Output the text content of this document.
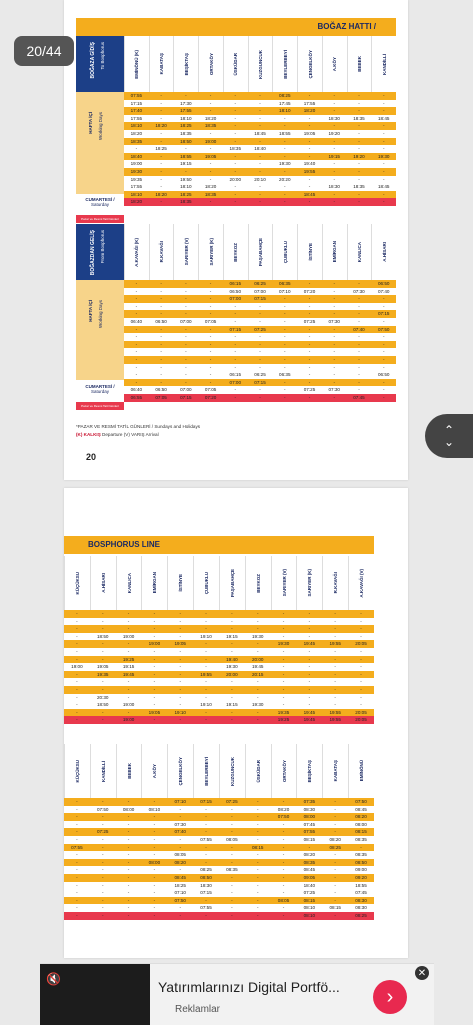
BOĞAZ HATTI /
BOĞAZA GİDİŞ To Bosphorus	EMİNÖNÜ (K)	KABATAŞ	BEŞİKTAŞ	ORTAKÖY	ÜSKÜDAR	KUZGUNCUK	BEYLERBEYİ	ÇENGELKÖY	A.KÖY	BEBEK	KANDİLLİ
HAFTA İÇİ Working Days
CUMARTESİ /
Saturday
Pazar ve Resmi Tatil Günleri
07:55	-	-	-	-	-	08:25	-	-	-	-
17:15	-	17:30	-	-	-	17:45	17:55	-	-	-
17:40	-	17:55	-	-	-	18:10	18:20	-	-	-
17:55	-	18:10	18:20	-	-	-	-	18:30	18:35	18:45
18:10	18:20	18:25	18:35	-	-	-	-	-	-	-
18:20	-	18:35	-	-	18:45	18:55	19:05	19:20	-	-
18:35	-	18:50	19:00	-	-	-	-	-	-	-
-	18:25	-	-	18:35	18:40	-	-	-	-	-
18:40	-	18:55	19:05	-	-	-	-	19:15	19:20	19:30
19:00	-	19:15	-	-	-	19:30	19:40	-	-	-
19:30	-	-	-	-	-	-	19:55	-	-	-
19:35	-	19:50	-	20:00	20:10	20:20	-	-	-	-
17:55	-	18:10	18:20	-	-	-	-	18:30	18:35	18:45
18:10	18:20	18:25	18:35	-	-	-	18:45	-	-	-
18:20	-	18:35	-	-	-	-	-	-	-	-
BOĞAZDAN GELİŞ From Bosphorus	A.KAVAĞI (K)	R.KAVAĞI	SARIYER (V)	SARIYER (K)	BEYKOZ	PAŞABAHÇE	ÇUBUKLU	İSTİNYE	EMİRGAN	KANLICA	A.HİSARI
HAFTA İÇİ Working Days
CUMARTESİ /
Saturday
Pazar ve Resmi Tatil Günleri
-	-	-	-	06:15	06:25	06:35	-	-	-	06:50
-	-	-	-	06:50	07:00	07:10	07:20	-	07:30	07:40
-	-	-	-	07:00	07:15	-	-	-	-	-
-	-	-	-	-	-	-	-	-	-	-
-	-	-	-	-	-	-	-	-	-	07:15
06:40	06:50	07:00	07:05	-	-	-	07:25	07:30	-	-
-	-	-	-	07:15	07:25	-	-	-	07:40	07:50
-	-	-	-	-	-	-	-	-	-	-
-	-	-	-	-	-	-	-	-	-	-
-	-	-	-	-	-	-	-	-	-	-
-	-	-	-	-	-	-	-	-	-	-
-	-	-	-	-	-	-	-	-	-	-
-	-	-	-	06:15	06:25	06:35	-	-	-	06:50
-	-	-	-	07:00	07:15	-	-	-	-	-
06:40	06:50	07:00	07:05	-	-	-	07:25	07:30	-	-
06:55	07:05	07:15	07:20	-	-	-	-	-	07:45	-
*PAZAR VE RESMİ TATİL GÜNLERİ / Sundays and Holidays
(K) KALKIŞ Departure (V) VARIŞ Arrival
20
BOSPHORUS LINE
KÜÇÜKSU	A.HİSARI	KANLICA	EMİRGAN	İSTİNYE	ÇUBUKLU	PAŞABAHÇE	BEYKOZ	SARIYER (V)	SARIYER (K)	R.KAVAĞI	A.KAVAĞI (V)
-	-	-	-	-	-	-	-	-	-	-	-
-	-	-	-	-	-	-	-	-	-	-	-
-	-	-	-	-	-	-	-	-	-	-	-
-	18:50	19:00	-	-	19:10	19:15	19:30	-	-	-	-
-	-	-	19:00	19:05	-	-	-	19:30	19:45	19:55	20:05
-	-	-	-	-	-	-	-	-	-	-	-
-	-	19:25	-	-	-	19:40	20:00	-	-	-	-
19:00	19:05	19:15	-	-	-	19:30	19:45	-	-	-	-
-	19:35	19:45	-	-	19:55	20:00	20:15	-	-	-	-
-	-	-	-	-	-	-	-	-	-	-	-
-	-	-	-	-	-	-	-	-	-	-	-
-	20:30	-	-	-	-	-	-	-	-	-	-
-	18:50	19:00	-	-	19:10	19:15	19:30	-	-	-	-
-	-	-	19:05	19:10	-	-	-	19:35	19:45	19:55	20:05
-	-	19:00	-	-	-	-	-	19:25	19:45	19:55	20:05
KÜÇÜKSU	KANDİLLİ	BEBEK	A.KÖY	ÇENGELKÖY	BEYLERBEYİ	KUZGUNCUK	ÜSKÜDAR	ORTAKÖY	BEŞİKTAŞ	KABATAŞ	EMİNÖNÜ
-	-	-	-	07:10	07:15	07:25	-	-	07:35	-	07:50
-	07:50	08:00	08:10	-	-	-	-	08:20	08:30	-	08:45
-	-	-	-	-	-	-	-	07:50	08:00	-	08:20
-	-	-	-	07:30	-	-	-	-	07:45	-	08:00
-	07:25	-	-	07:40	-	-	-	-	07:55	-	08:15
-	-	-	-	-	07:55	08:05	-	-	08:15	08:20	08:35
07:55	-	-	-	-	-	-	08:15	-	-	08:25	-
-	-	-	-	08:05	-	-	-	-	08:20	-	08:35
-	-	-	08:00	08:20	-	-	-	-	08:35	-	08:50
-	-	-	-	-	08:25	08:35	-	-	08:45	-	09:00
-	-	-	-	08:45	08:50	-	-	-	09:05	-	09:20
-	-	-	-	18:25	18:30	-	-	-	18:40	-	18:55
-	-	-	-	07:10	07:15	-	-	-	07:25	-	07:45
-	-	-	-	07:50	-	-	-	08:05	08:15	-	08:30
-	-	-	-	-	07:55	-	-	-	08:10	08:15	08:30
-	-	-	-	-	-	-	-	-	08:10	-	08:25
20/44
⌃
⌄
🔇	Yatırımlarınızı Digital Portfö...
Reklamlar
›
✕
